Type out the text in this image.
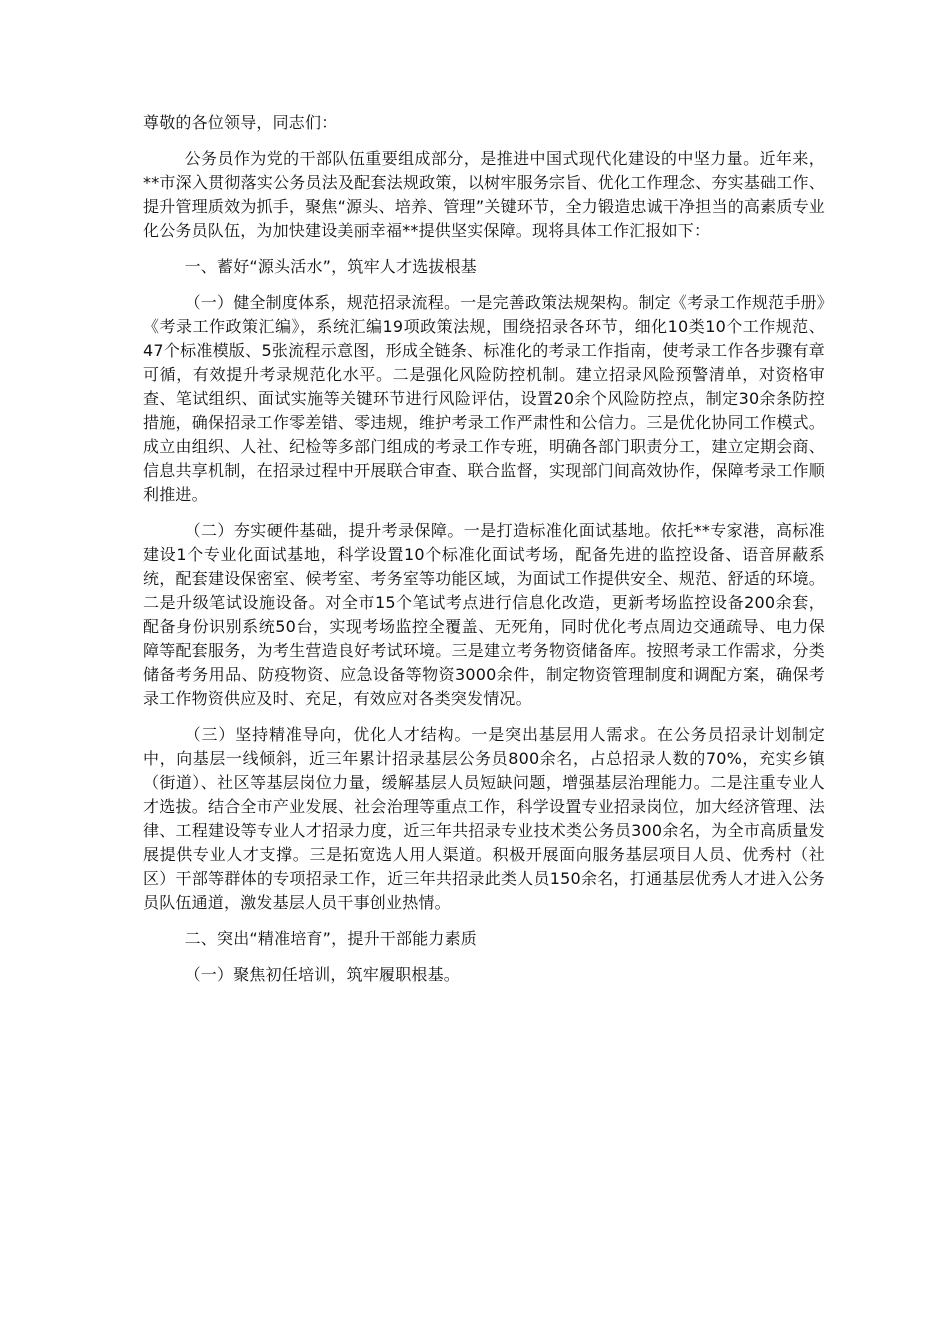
尊敬的各位领导，同志们：

公务员作为党的干部队伍重要组成部分，是推进中国式现代化建设的中坚力量。近年来，**市深入贯彻落实公务员法及配套法规政策，以树牢服务宗旨、优化工作理念、夯实基础工作、提升管理质效为抓手，聚焦“源头、培养、管理”关键环节，全力锻造忠诚干净担当的高素质专业化公务员队伍，为加快建设美丽幸福**提供坚实保障。现将具体工作汇报如下：

一、蓄好“源头活水”，筑牢人才选拔根基

（一）健全制度体系，规范招录流程。一是完善政策法规架构。制定《考录工作规范手册》《考录工作政策汇编》，系统汇编19项政策法规，围绕招录各环节，细化10类10个工作规范、47个标准模版、5张流程示意图，形成全链条、标准化的考录工作指南，使考录工作各步骤有章可循，有效提升考录规范化水平。二是强化风险防控机制。建立招录风险预警清单，对资格审查、笔试组织、面试实施等关键环节进行风险评估，设置20余个风险防控点，制定30余条防控措施，确保招录工作零差错、零违规，维护考录工作严肃性和公信力。三是优化协同工作模式。成立由组织、人社、纪检等多部门组成的考录工作专班，明确各部门职责分工，建立定期会商、信息共享机制，在招录过程中开展联合审查、联合监督，实现部门间高效协作，保障考录工作顺利推进。

（二）夯实硬件基础，提升考录保障。一是打造标准化面试基地。依托**专家港，高标准建设1个专业化面试基地，科学设置10个标准化面试考场，配备先进的监控设备、语音屏蔽系统，配套建设保密室、候考室、考务室等功能区域，为面试工作提供安全、规范、舒适的环境。二是升级笔试设施设备。对全市15个笔试考点进行信息化改造，更新考场监控设备200余套，配备身份识别系统50台，实现考场监控全覆盖、无死角，同时优化考点周边交通疏导、电力保障等配套服务，为考生营造良好考试环境。三是建立考务物资储备库。按照考录工作需求，分类储备考务用品、防疫物资、应急设备等物资3000余件，制定物资管理制度和调配方案，确保考录工作物资供应及时、充足，有效应对各类突发情况。

（三）坚持精准导向，优化人才结构。一是突出基层用人需求。在公务员招录计划制定中，向基层一线倾斜，近三年累计招录基层公务员800余名，占总招录人数的70%，充实乡镇（街道）、社区等基层岗位力量，缓解基层人员短缺问题，增强基层治理能力。二是注重专业人才选拔。结合全市产业发展、社会治理等重点工作，科学设置专业招录岗位，加大经济管理、法律、工程建设等专业人才招录力度，近三年共招录专业技术类公务员300余名，为全市高质量发展提供专业人才支撑。三是拓宽选人用人渠道。积极开展面向服务基层项目人员、优秀村（社区）干部等群体的专项招录工作，近三年共招录此类人员150余名，打通基层优秀人才进入公务员队伍通道，激发基层人员干事创业热情。

二、突出“精准培育”，提升干部能力素质

（一）聚焦初任培训，筑牢履职根基。
